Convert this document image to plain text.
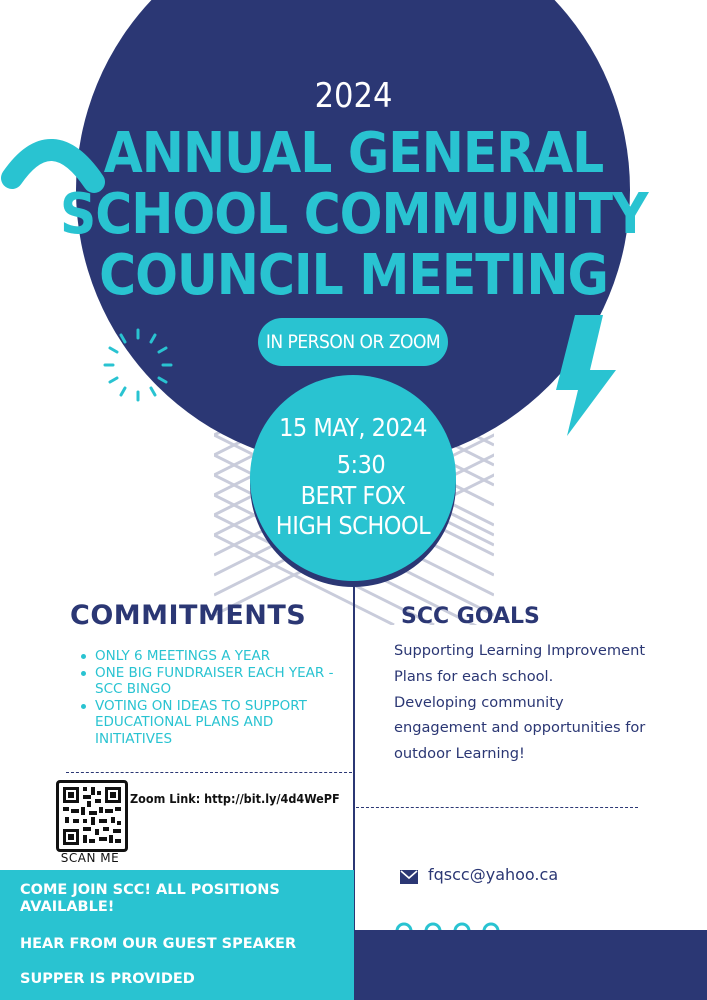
2024
ANNUAL GENERAL
SCHOOL COMMUNITY
COUNCIL MEETING
IN PERSON OR ZOOM
15 MAY, 2024
5:30
BERT FOX
HIGH SCHOOL
COMMITMENTS
ONLY 6 MEETINGS A YEAR
ONE BIG FUNDRAISER EACH YEAR - SCC BINGO
VOTING ON IDEAS TO SUPPORT EDUCATIONAL PLANS AND INITIATIVES
SCC GOALS
Supporting Learning Improvement Plans for each school.
Developing community engagement and opportunities for outdoor Learning!
SCAN ME
Zoom Link: http://bit.ly/4d4WePF
COME JOIN SCC! ALL POSITIONS AVAILABLE!
HEAR FROM OUR GUEST SPEAKER
SUPPER IS PROVIDED
fqscc@yahoo.ca
